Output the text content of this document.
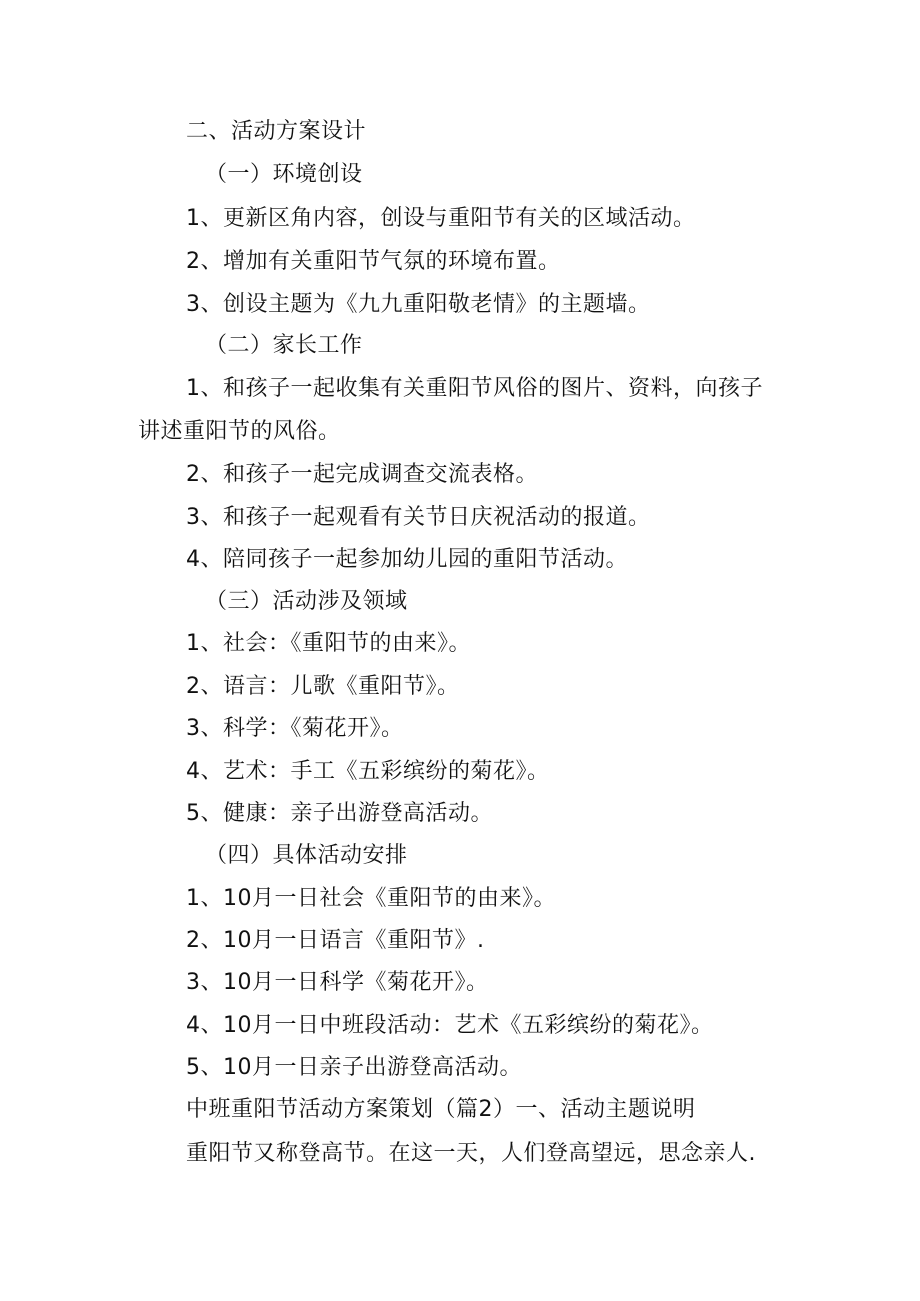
二、活动方案设计
（一）环境创设
1、更新区角内容，创设与重阳节有关的区域活动。
2、增加有关重阳节气氛的环境布置。
3、创设主题为《九九重阳敬老情》的主题墙。
（二）家长工作
1、和孩子一起收集有关重阳节风俗的图片、资料，向孩子
讲述重阳节的风俗。
2、和孩子一起完成调查交流表格。
3、和孩子一起观看有关节日庆祝活动的报道。
4、陪同孩子一起参加幼儿园的重阳节活动。
（三）活动涉及领域
1、社会：《重阳节的由来》。
2、语言：儿歌《重阳节》。
3、科学：《菊花开》。
4、艺术：手工《五彩缤纷的菊花》。
5、健康：亲子出游登高活动。
（四）具体活动安排
1、10月一日社会《重阳节的由来》。
2、10月一日语言《重阳节》.
3、10月一日科学《菊花开》。
4、10月一日中班段活动：艺术《五彩缤纷的菊花》。
5、10月一日亲子出游登高活动。
中班重阳节活动方案策划（篇2）一、活动主题说明
重阳节又称登高节。在这一天，人们登高望远，思念亲人.
